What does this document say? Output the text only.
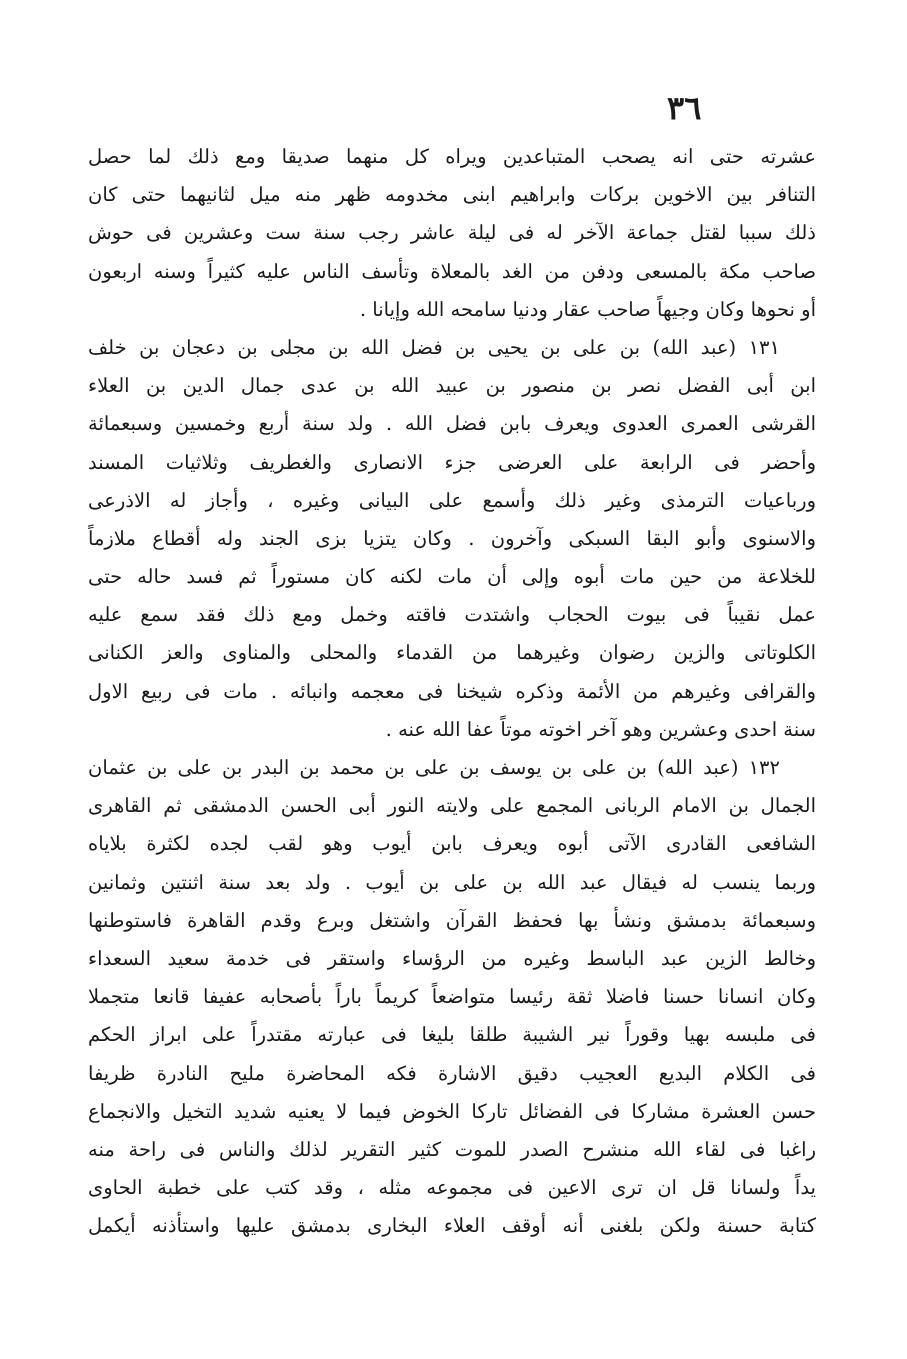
٣٦
عشرته حتى انه يصحب المتباعدين ويراه كل منهما صديقا ومع ذلك لما حصل
التنافر بين الاخوين بركات وابراهيم ابنى مخدومه ظهر منه ميل لثانيهما حتى كان
ذلك سببا لقتل جماعة الآخر له فى ليلة عاشر رجب سنة ست وعشرين فى حوش
صاحب مكة بالمسعى ودفن من الغد بالمعلاة وتأسف الناس عليه كثيراً وسنه اربعون
أو نحوها وكان وجيهاً صاحب عقار ودنيا سامحه الله وإيانا .
١٣١ (عبد الله) بن على بن يحيى بن فضل الله بن مجلى بن دعجان بن خلف
ابن أبى الفضل نصر بن منصور بن عبيد الله بن عدى جمال الدين بن العلاء
القرشى العمرى العدوى ويعرف بابن فضل الله . ولد سنة أربع وخمسين وسبعمائة
وأحضر فى الرابعة على العرضى جزء الانصارى والغطريف وثلاثيات المسند
ورباعيات الترمذى وغير ذلك وأسمع على البيانى وغيره ، وأجاز له الاذرعى
والاسنوى وأبو البقا السبكى وآخرون . وكان يتزيا بزى الجند وله أقطاع ملازماً
للخلاعة من حين مات أبوه وإلى أن مات لكنه كان مستوراً ثم فسد حاله حتى
عمل نقيباً فى بيوت الحجاب واشتدت فاقته وخمل ومع ذلك فقد سمع عليه
الكلوتاتى والزين رضوان وغيرهما من القدماء والمحلى والمناوى والعز الكنانى
والقرافى وغيرهم من الأئمة وذكره شيخنا فى معجمه وانبائه . مات فى ربيع الاول
سنة احدى وعشرين وهو آخر اخوته موتاً عفا الله عنه .
١٣٢ (عبد الله) بن على بن يوسف بن على بن محمد بن البدر بن على بن عثمان
الجمال بن الامام الربانى المجمع على ولايته النور أبى الحسن الدمشقى ثم القاهرى
الشافعى القادرى الآتى أبوه ويعرف بابن أيوب وهو لقب لجده لكثرة بلاياه
وربما ينسب له فيقال عبد الله بن على بن أيوب . ولد بعد سنة اثنتين وثمانين
وسبعمائة بدمشق ونشأ بها فحفظ القرآن واشتغل وبرع وقدم القاهرة فاستوطنها
وخالط الزين عبد الباسط وغيره من الرؤساء واستقر فى خدمة سعيد السعداء
وكان انسانا حسنا فاضلا ثقة رئيسا متواضعاً كريماً باراً بأصحابه عفيفا قانعا متجملا
فى ملبسه بهيا وقوراً نير الشيبة طلقا بليغا فى عبارته مقتدراً على ابراز الحكم
فى الكلام البديع العجيب دقيق الاشارة فكه المحاضرة مليح النادرة ظريفا
حسن العشرة مشاركا فى الفضائل تاركا الخوض فيما لا يعنيه شديد التخيل والانجماع
راغبا فى لقاء الله منشرح الصدر للموت كثير التقرير لذلك والناس فى راحة منه
يداً ولسانا قل ان ترى الاعين فى مجموعه مثله ، وقد كتب على خطبة الحاوى
كتابة حسنة ولكن بلغنى أنه أوقف العلاء البخارى بدمشق عليها واستأذنه أيكمل
